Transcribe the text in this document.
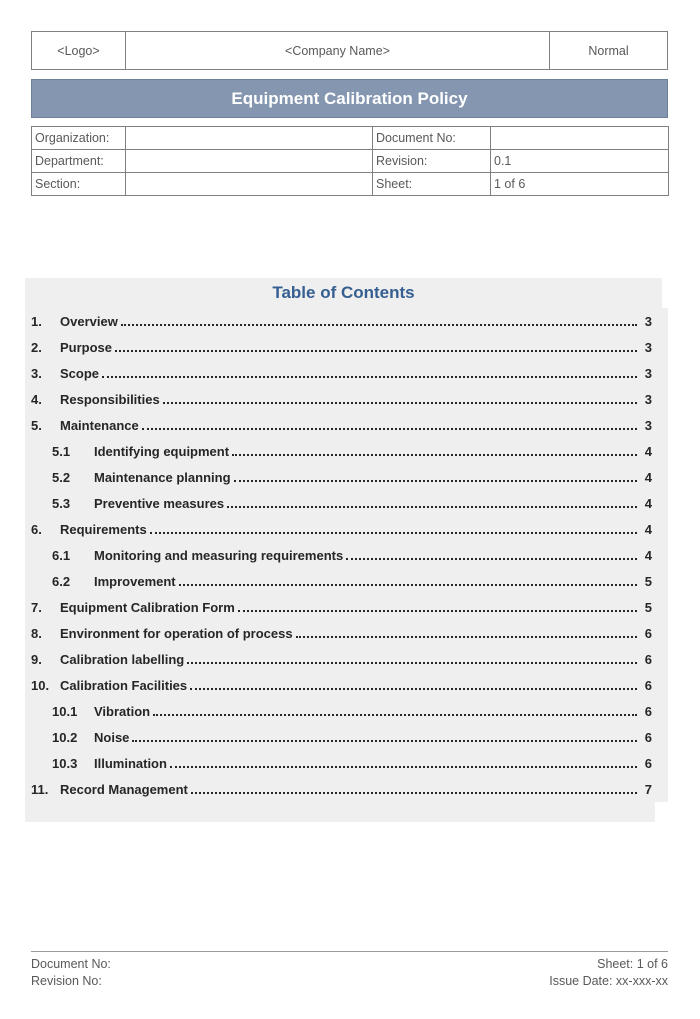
<Logo>	<Company Name>	Normal
Equipment Calibration Policy
Organization:		Document No:	
Department:		Revision:	0.1
Section:		Sheet:	1 of 6
Table of Contents
1.	Overview	3
2.	Purpose	3
3.	Scope	3
4.	Responsibilities	3
5.	Maintenance	3
5.1	Identifying equipment	4
5.2	Maintenance planning	4
5.3	Preventive measures	4
6.	Requirements	4
6.1	Monitoring and measuring requirements	4
6.2	Improvement	5
7.	Equipment Calibration Form	5
8.	Environment for operation of process	6
9.	Calibration labelling	6
10. Calibration Facilities	6
10.1	Vibration	6
10.2	Noise	6
10.3	Illumination	6
11. Record Management	7
Document No:	Sheet: 1 of 6
Revision No:	Issue Date: xx-xxx-xx
